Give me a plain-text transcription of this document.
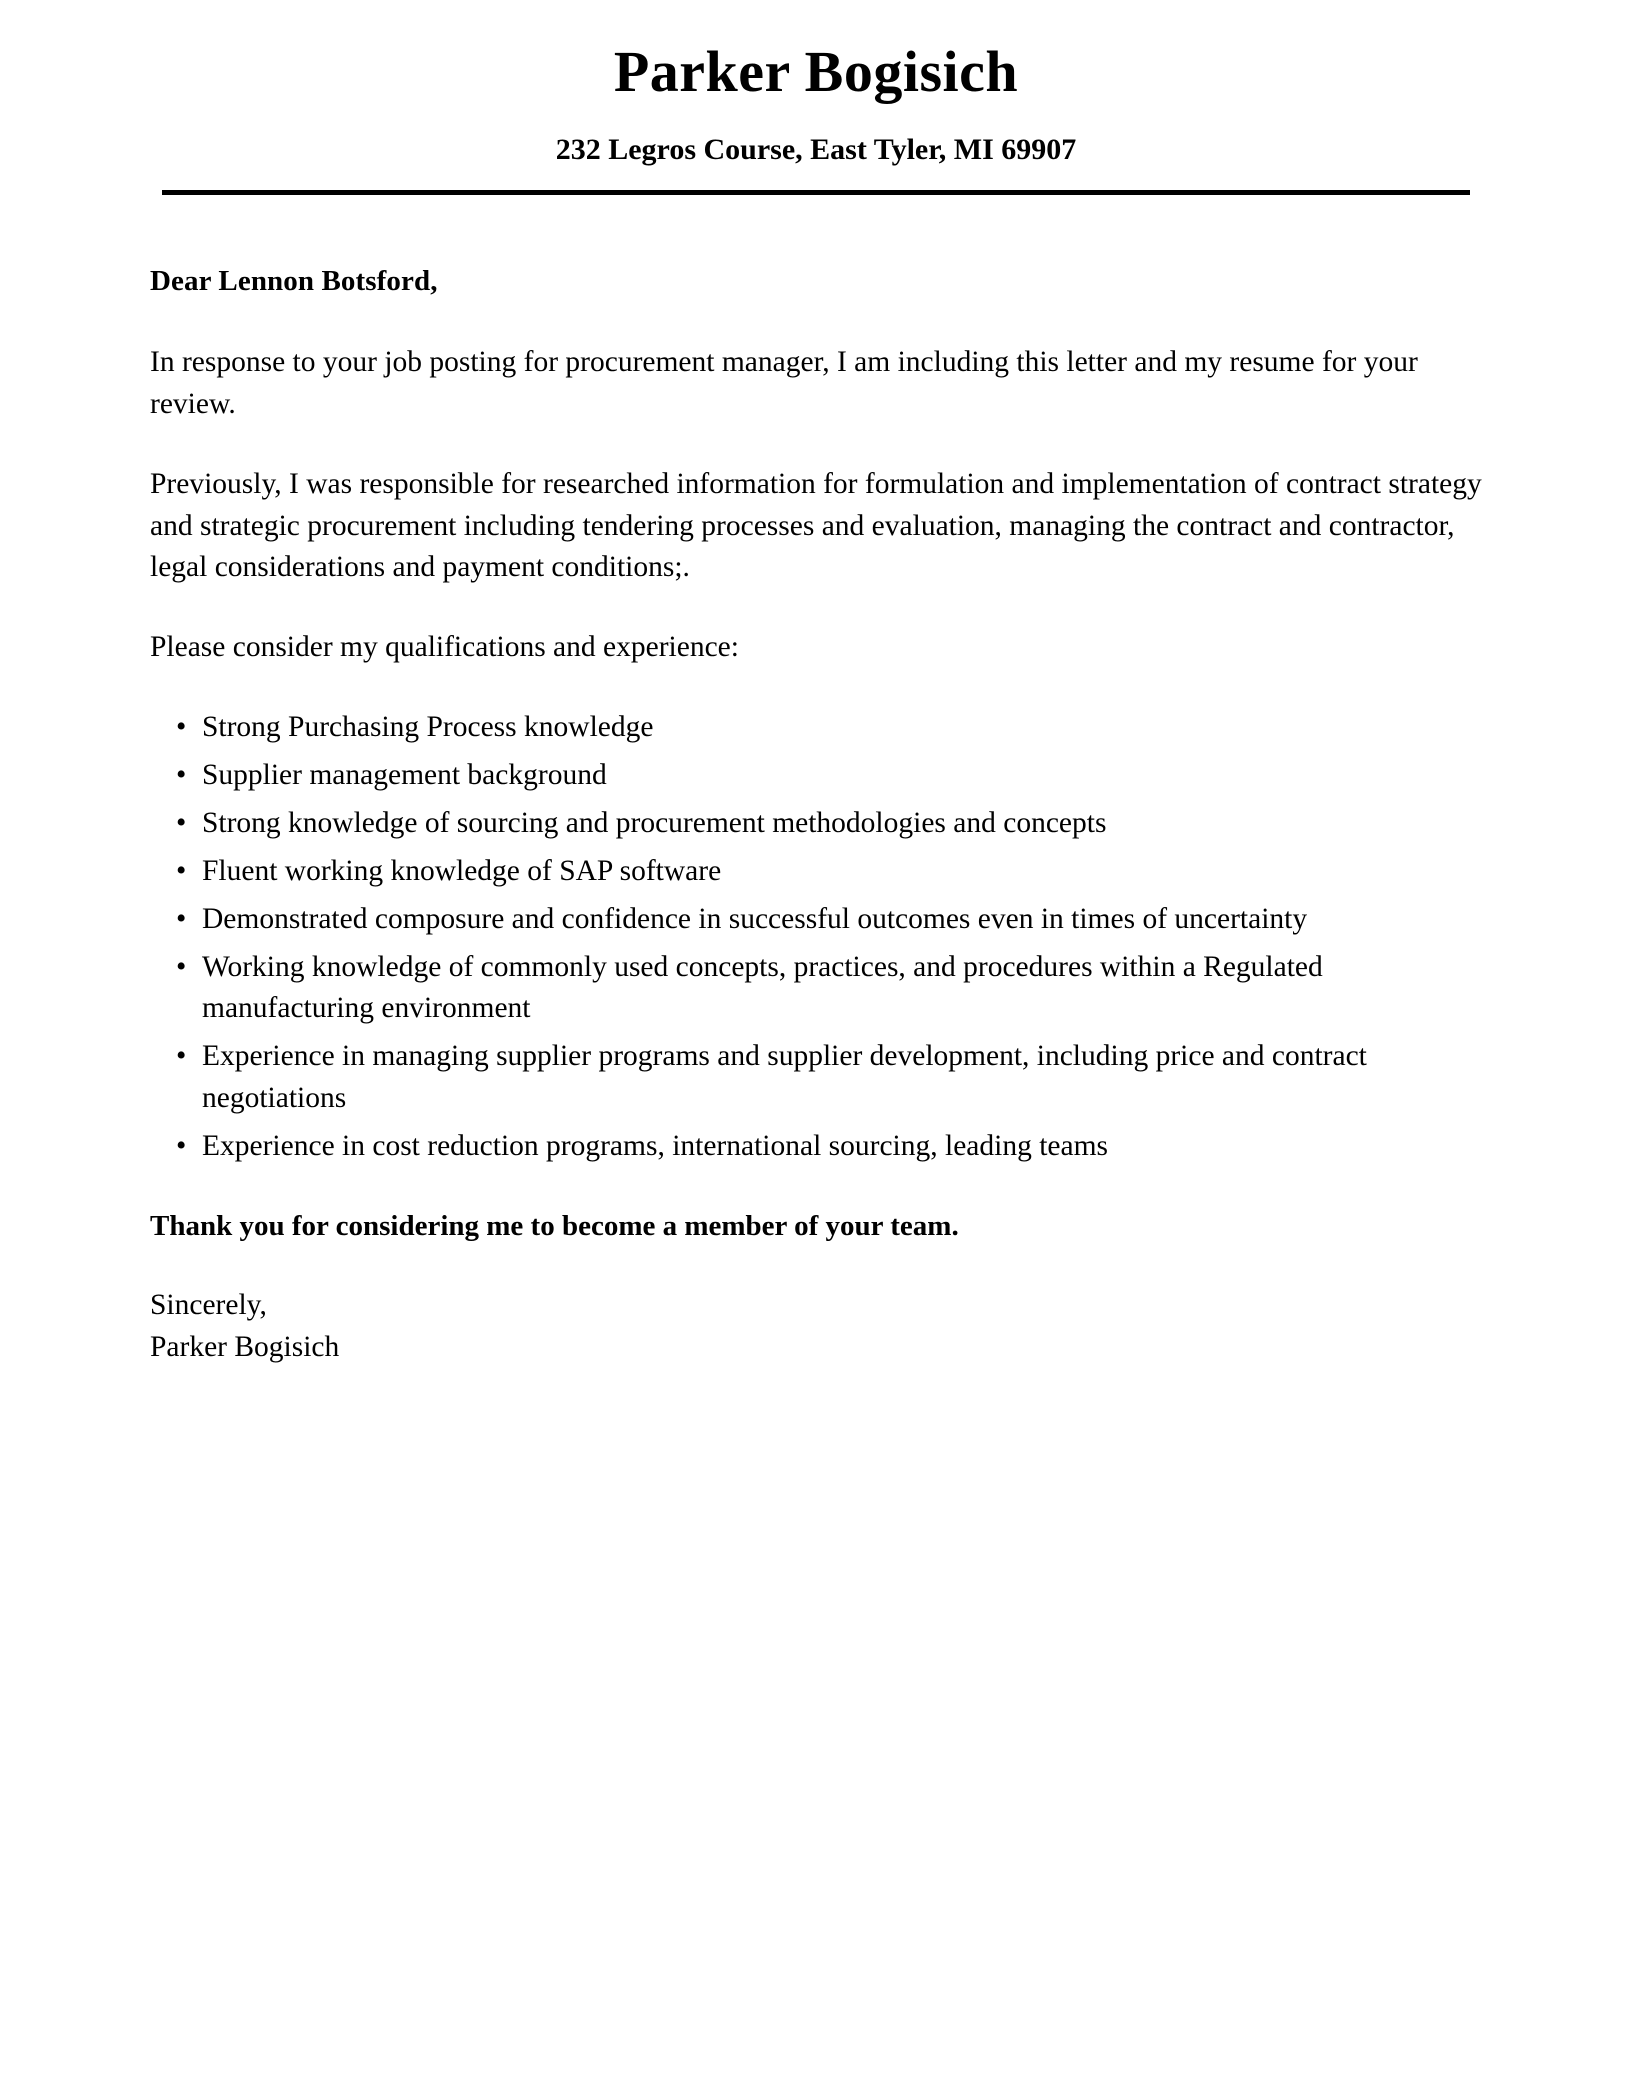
Parker Bogisich
232 Legros Course, East Tyler, MI 69907

Dear Lennon Botsford,

In response to your job posting for procurement manager, I am including this letter and my resume for your review.

Previously, I was responsible for researched information for formulation and implementation of contract strategy and strategic procurement including tendering processes and evaluation, managing the contract and contractor, legal considerations and payment conditions;.

Please consider my qualifications and experience:

• Strong Purchasing Process knowledge
• Supplier management background
• Strong knowledge of sourcing and procurement methodologies and concepts
• Fluent working knowledge of SAP software
• Demonstrated composure and confidence in successful outcomes even in times of uncertainty
• Working knowledge of commonly used concepts, practices, and procedures within a Regulated manufacturing environment
• Experience in managing supplier programs and supplier development, including price and contract negotiations
• Experience in cost reduction programs, international sourcing, leading teams

Thank you for considering me to become a member of your team.

Sincerely,
Parker Bogisich
